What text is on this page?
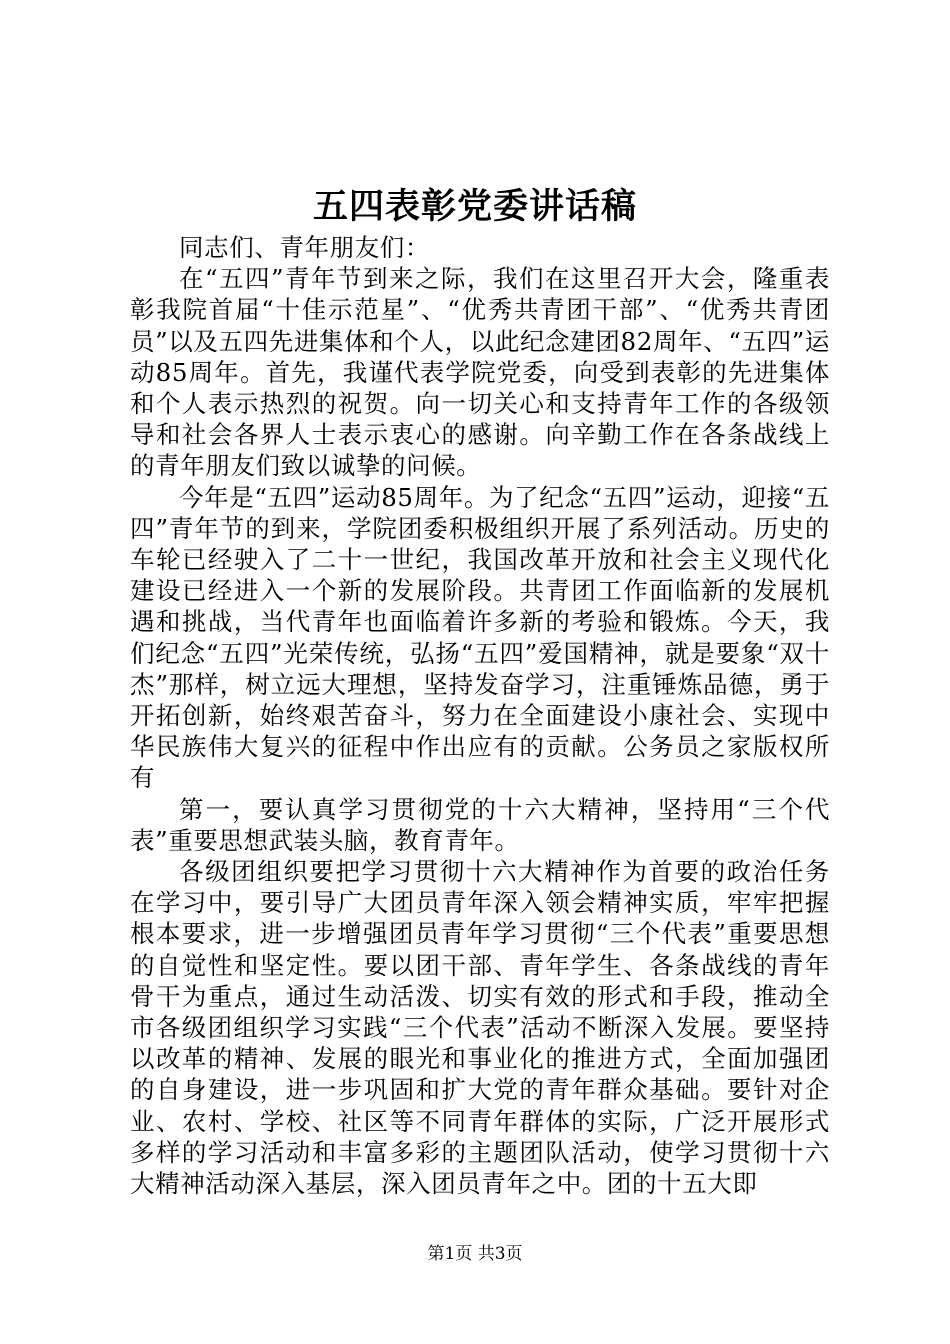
五四表彰党委讲话稿

同志们、青年朋友们：

在“五四”青年节到来之际，我们在这里召开大会，隆重表彰我院首届“十佳示范星”、“优秀共青团干部”、“优秀共青团员”以及五四先进集体和个人，以此纪念建团82周年、“五四”运动85周年。首先，我谨代表学院党委，向受到表彰的先进集体和个人表示热烈的祝贺。向一切关心和支持青年工作的各级领导和社会各界人士表示衷心的感谢。向辛勤工作在各条战线上的青年朋友们致以诚挚的问候。

今年是“五四”运动85周年。为了纪念“五四”运动，迎接“五四”青年节的到来，学院团委积极组织开展了系列活动。历史的车轮已经驶入了二十一世纪，我国改革开放和社会主义现代化建设已经进入一个新的发展阶段。共青团工作面临新的发展机遇和挑战，当代青年也面临着许多新的考验和锻炼。今天，我们纪念“五四”光荣传统，弘扬“五四”爱国精神，就是要象“双十杰”那样，树立远大理想，坚持发奋学习，注重锤炼品德，勇于开拓创新，始终艰苦奋斗，努力在全面建设小康社会、实现中华民族伟大复兴的征程中作出应有的贡献。公务员之家版权所有

第一，要认真学习贯彻党的十六大精神，坚持用“三个代表”重要思想武装头脑，教育青年。

各级团组织要把学习贯彻十六大精神作为首要的政治任务在学习中，要引导广大团员青年深入领会精神实质，牢牢把握根本要求，进一步增强团员青年学习贯彻“三个代表”重要思想的自觉性和坚定性。要以团干部、青年学生、各条战线的青年骨干为重点，通过生动活泼、切实有效的形式和手段，推动全市各级团组织学习实践“三个代表”活动不断深入发展。要坚持以改革的精神、发展的眼光和事业化的推进方式，全面加强团的自身建设，进一步巩固和扩大党的青年群众基础。要针对企业、农村、学校、社区等不同青年群体的实际，广泛开展形式多样的学习活动和丰富多彩的主题团队活动，使学习贯彻十六大精神活动深入基层，深入团员青年之中。团的十五大即

第1页 共3页
